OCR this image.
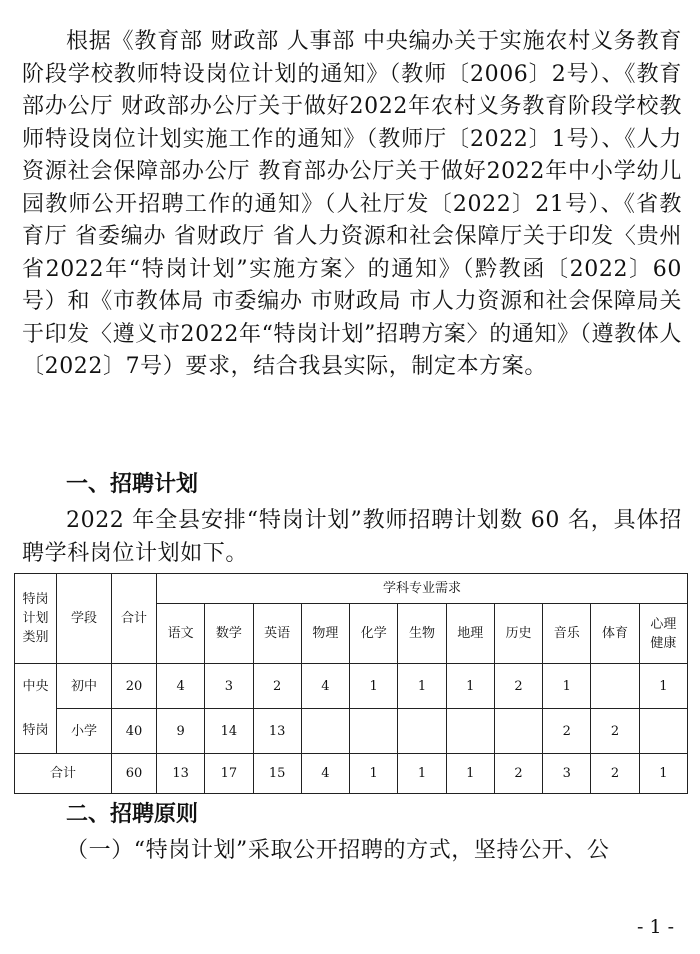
根据《教育部 财政部 人事部 中央编办关于实施农村义务教育阶段学校教师特设岗位计划的通知》（教师〔2006〕2号）、《教育部办公厅 财政部办公厅关于做好2022年农村义务教育阶段学校教师特设岗位计划实施工作的通知》（教师厅〔2022〕1号）、《人力资源社会保障部办公厅 教育部办公厅关于做好2022年中小学幼儿园教师公开招聘工作的通知》（人社厅发〔2022〕21号）、《省教育厅 省委编办 省财政厅 省人力资源和社会保障厅关于印发〈贵州省2022年“特岗计划”实施方案〉的通知》（黔教函〔2022〕60号）和《市教体局 市委编办 市财政局 市人力资源和社会保障局关于印发〈遵义市2022年“特岗计划”招聘方案〉的通知》（遵教体人〔2022〕7号）要求，结合我县实际，制定本方案。

一、招聘计划

2022 年全县安排“特岗计划”教师招聘计划数 60 名，具体招聘学科岗位计划如下。

特岗计划类别	学段	合计	学科专业需求										
			语文	数学	英语	物理	化学	生物	地理	历史	音乐	体育	心理健康
中央	初中	20	4	3	2	4	1	1	1	2	1		1
特岗	小学	40	9	14	13						2	2	
合计		60	13	17	15	4	1	1	1	2	3	2	1
二、招聘原则

（一）“特岗计划”采取公开招聘的方式，坚持公开、公

- 1 -
